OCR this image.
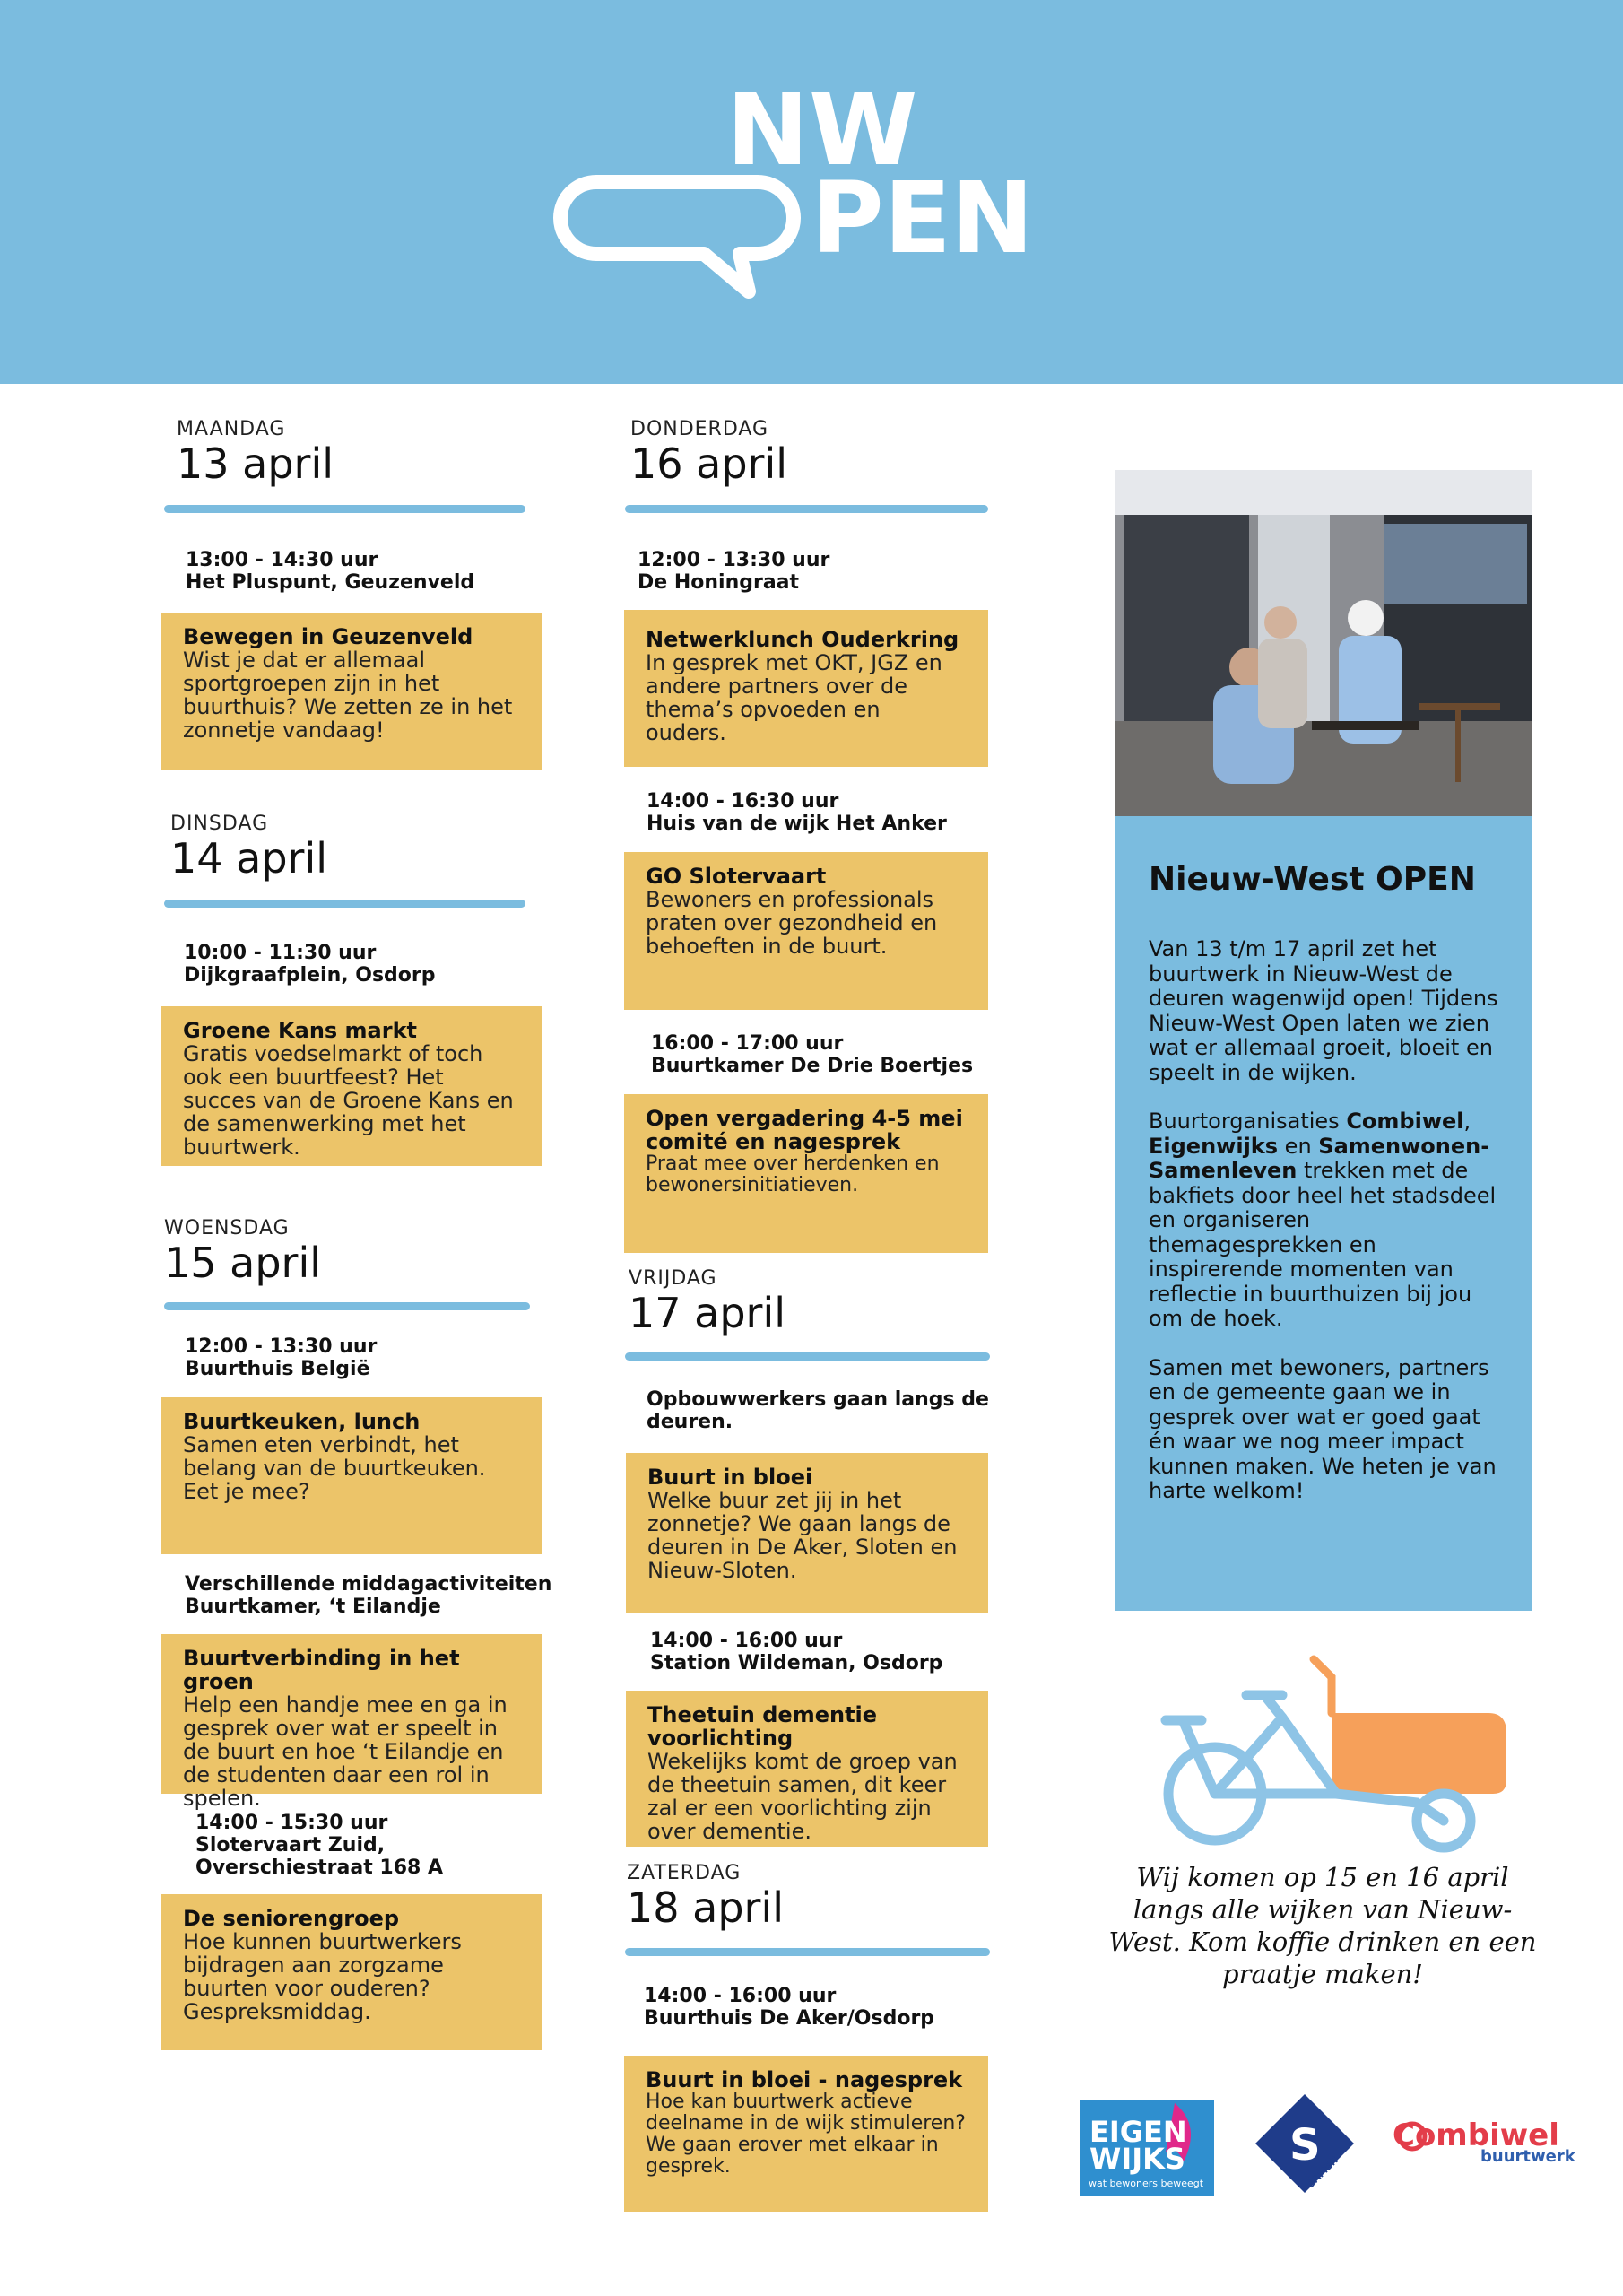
NW
PEN
MAANDAG
13 april
13:00 - 14:30 uur
Het Pluspunt, Geuzenveld
Bewegen in Geuzenveld
Wist je dat er allemaal sportgroepen zijn in het buurthuis? We zetten ze in het zonnetje vandaag!
DINSDAG
14 april
10:00 - 11:30 uur
Dijkgraafplein, Osdorp
Groene Kans markt
Gratis voedselmarkt of toch ook een buurtfeest? Het succes van de Groene Kans en de samenwerking met het buurtwerk.
WOENSDAG
15 april
12:00 - 13:30 uur
Buurthuis België
Buurtkeuken, lunch
Samen eten verbindt, het belang van de buurtkeuken. Eet je mee?
Verschillende middagactiviteiten
Buurtkamer, ‘t Eilandje
Buurtverbinding in het groen
Help een handje mee en ga in gesprek over wat er speelt in de buurt en hoe ‘t Eilandje en de studenten daar een rol in spelen.
14:00 - 15:30 uur
Slotervaart Zuid,
Overschiestraat 168 A
De seniorengroep
Hoe kunnen buurtwerkers bijdragen aan zorgzame buurten voor ouderen? Gespreksmiddag.
DONDERDAG
16 april
12:00 - 13:30 uur
De Honingraat
Netwerklunch Ouderkring
In gesprek met OKT, JGZ en andere partners over de thema’s opvoeden en ouders.
14:00 - 16:30 uur
Huis van de wijk Het Anker
GO Slotervaart
Bewoners en professionals praten over gezondheid en behoeften in de buurt.
16:00 - 17:00 uur
Buurtkamer De Drie Boertjes
Open vergadering 4-5 mei comité en nagesprek
Praat mee over herdenken en bewonersinitiatieven.
VRIJDAG
17 april
Opbouwwerkers gaan langs de
deuren.
Buurt in bloei
Welke buur zet jij in het zonnetje? We gaan langs de deuren in De Aker, Sloten en Nieuw-Sloten.
14:00 - 16:00 uur
Station Wildeman, Osdorp
Theetuin dementie voorlichting
Wekelijks komt de groep van de theetuin samen, dit keer zal er een voorlichting zijn over dementie.
ZATERDAG
18 april
14:00 - 16:00 uur
Buurthuis De Aker/Osdorp
Buurt in bloei - nagesprek
Hoe kan buurtwerk actieve deelname in de wijk stimuleren? We gaan erover met elkaar in gesprek.
Nieuw-West OPEN

Van 13 t/m 17 april zet het buurtwerk in Nieuw-West de deuren wagenwijd open! Tijdens Nieuw-West Open laten we zien wat er allemaal groeit, bloeit en speelt in de wijken.

Buurtorganisaties Combiwel, Eigenwijks en Samenwonen-Samenleven trekken met de bakfiets door heel het stadsdeel en organiseren themagesprekken en inspirerende momenten van reflectie in buurthuizen bij jou om de hoek.

Samen met bewoners, partners en de gemeente gaan we in gesprek over wat er goed gaat én waar we nog meer impact kunnen maken. We heten je van harte welkom!

Wij komen op 15 en 16 april langs alle wijken van Nieuw-West. Kom koffie drinken en een praatje maken!
EIGEN
WIJKS
wat bewoners beweegt
S
SAMEN
Combiwel
buurtwerk
